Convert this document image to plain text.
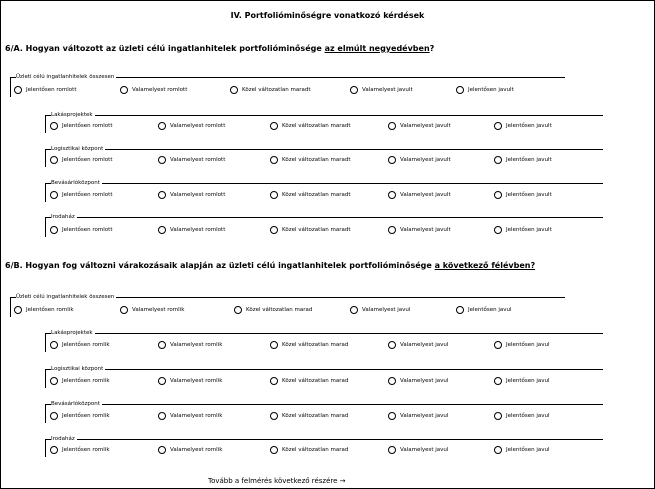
IV. Portfolióminőségre vonatkozó kérdések
6/A. Hogyan változott az üzleti célú ingatlanhitelek portfolióminősége az elmúlt negyedévben?
6/B. Hogyan fog változni várakozásaik alapján az üzleti célú ingatlanhitelek portfolióminősége a következő félévben?
Üzleti célú ingatlanhitelek összesen
Jelentősen romlott	Valamelyest romlott	Közel változatlan maradt	Valamelyest javult	Jelentősen javult
Lakásprojektek
Jelentősen romlott	Valamelyest romlott	Közel változatlan maradt	Valamelyest javult	Jelentősen javult
Logisztikai központ
Jelentősen romlott	Valamelyest romlott	Közel változatlan maradt	Valamelyest javult	Jelentősen javult
Bevásárlóközpont
Jelentősen romlott	Valamelyest romlott	Közel változatlan maradt	Valamelyest javult	Jelentősen javult
Irodaház
Jelentősen romlott	Valamelyest romlott	Közel változatlan maradt	Valamelyest javult	Jelentősen javult
Üzleti célú ingatlanhitelek összesen
Jelentősen romlik	Valamelyest romlik	Közel változatlan marad	Valamelyest javul	Jelentősen javul
Lakásprojektek
Jelentősen romlik	Valamelyest romlik	Közel változatlan marad	Valamelyest javul	Jelentősen javul
Logisztikai központ
Jelentősen romlik	Valamelyest romlik	Közel változatlan marad	Valamelyest javul	Jelentősen javul
Bevásárlóközpont
Jelentősen romlik	Valamelyest romlik	Közel változatlan marad	Valamelyest javul	Jelentősen javul
Irodaház
Jelentősen romlik	Valamelyest romlik	Közel változatlan marad	Valamelyest javul	Jelentősen javul
Tovább a felmérés következő részére →
